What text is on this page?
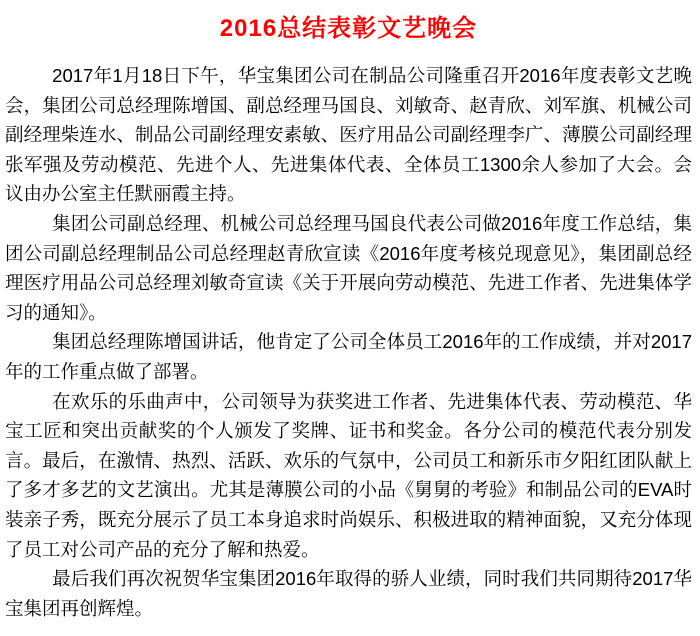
2016总结表彰文艺晚会

2017年1月18日下午，华宝集团公司在制品公司隆重召开2016年度表彰文艺晚会，集团公司总经理陈增国、副总经理马国良、刘敏奇、赵青欣、刘军旗、机械公司副经理柴连水、制品公司副经理安素敏、医疗用品公司副经理李广、薄膜公司副经理张军强及劳动模范、先进个人、先进集体代表、全体员工1300余人参加了大会。会议由办公室主任默丽霞主持。

集团公司副总经理、机械公司总经理马国良代表公司做2016年度工作总结，集团公司副总经理制品公司总经理赵青欣宣读《2016年度考核兑现意见》，集团副总经理医疗用品公司总经理刘敏奇宣读《关于开展向劳动模范、先进工作者、先进集体学习的通知》。

集团总经理陈增国讲话，他肯定了公司全体员工2016年的工作成绩，并对2017年的工作重点做了部署。

在欢乐的乐曲声中，公司领导为获奖进工作者、先进集体代表、劳动模范、华宝工匠和突出贡献奖的个人颁发了奖牌、证书和奖金。各分公司的模范代表分别发言。最后，在激情、热烈、活跃、欢乐的气氛中，公司员工和新乐市夕阳红团队献上了多才多艺的文艺演出。尤其是薄膜公司的小品《舅舅的考验》和制品公司的EVA时装亲子秀，既充分展示了员工本身追求时尚娱乐、积极进取的精神面貌，又充分体现了员工对公司产品的充分了解和热爱。

最后我们再次祝贺华宝集团2016年取得的骄人业绩，同时我们共同期待2017华宝集团再创辉煌。
